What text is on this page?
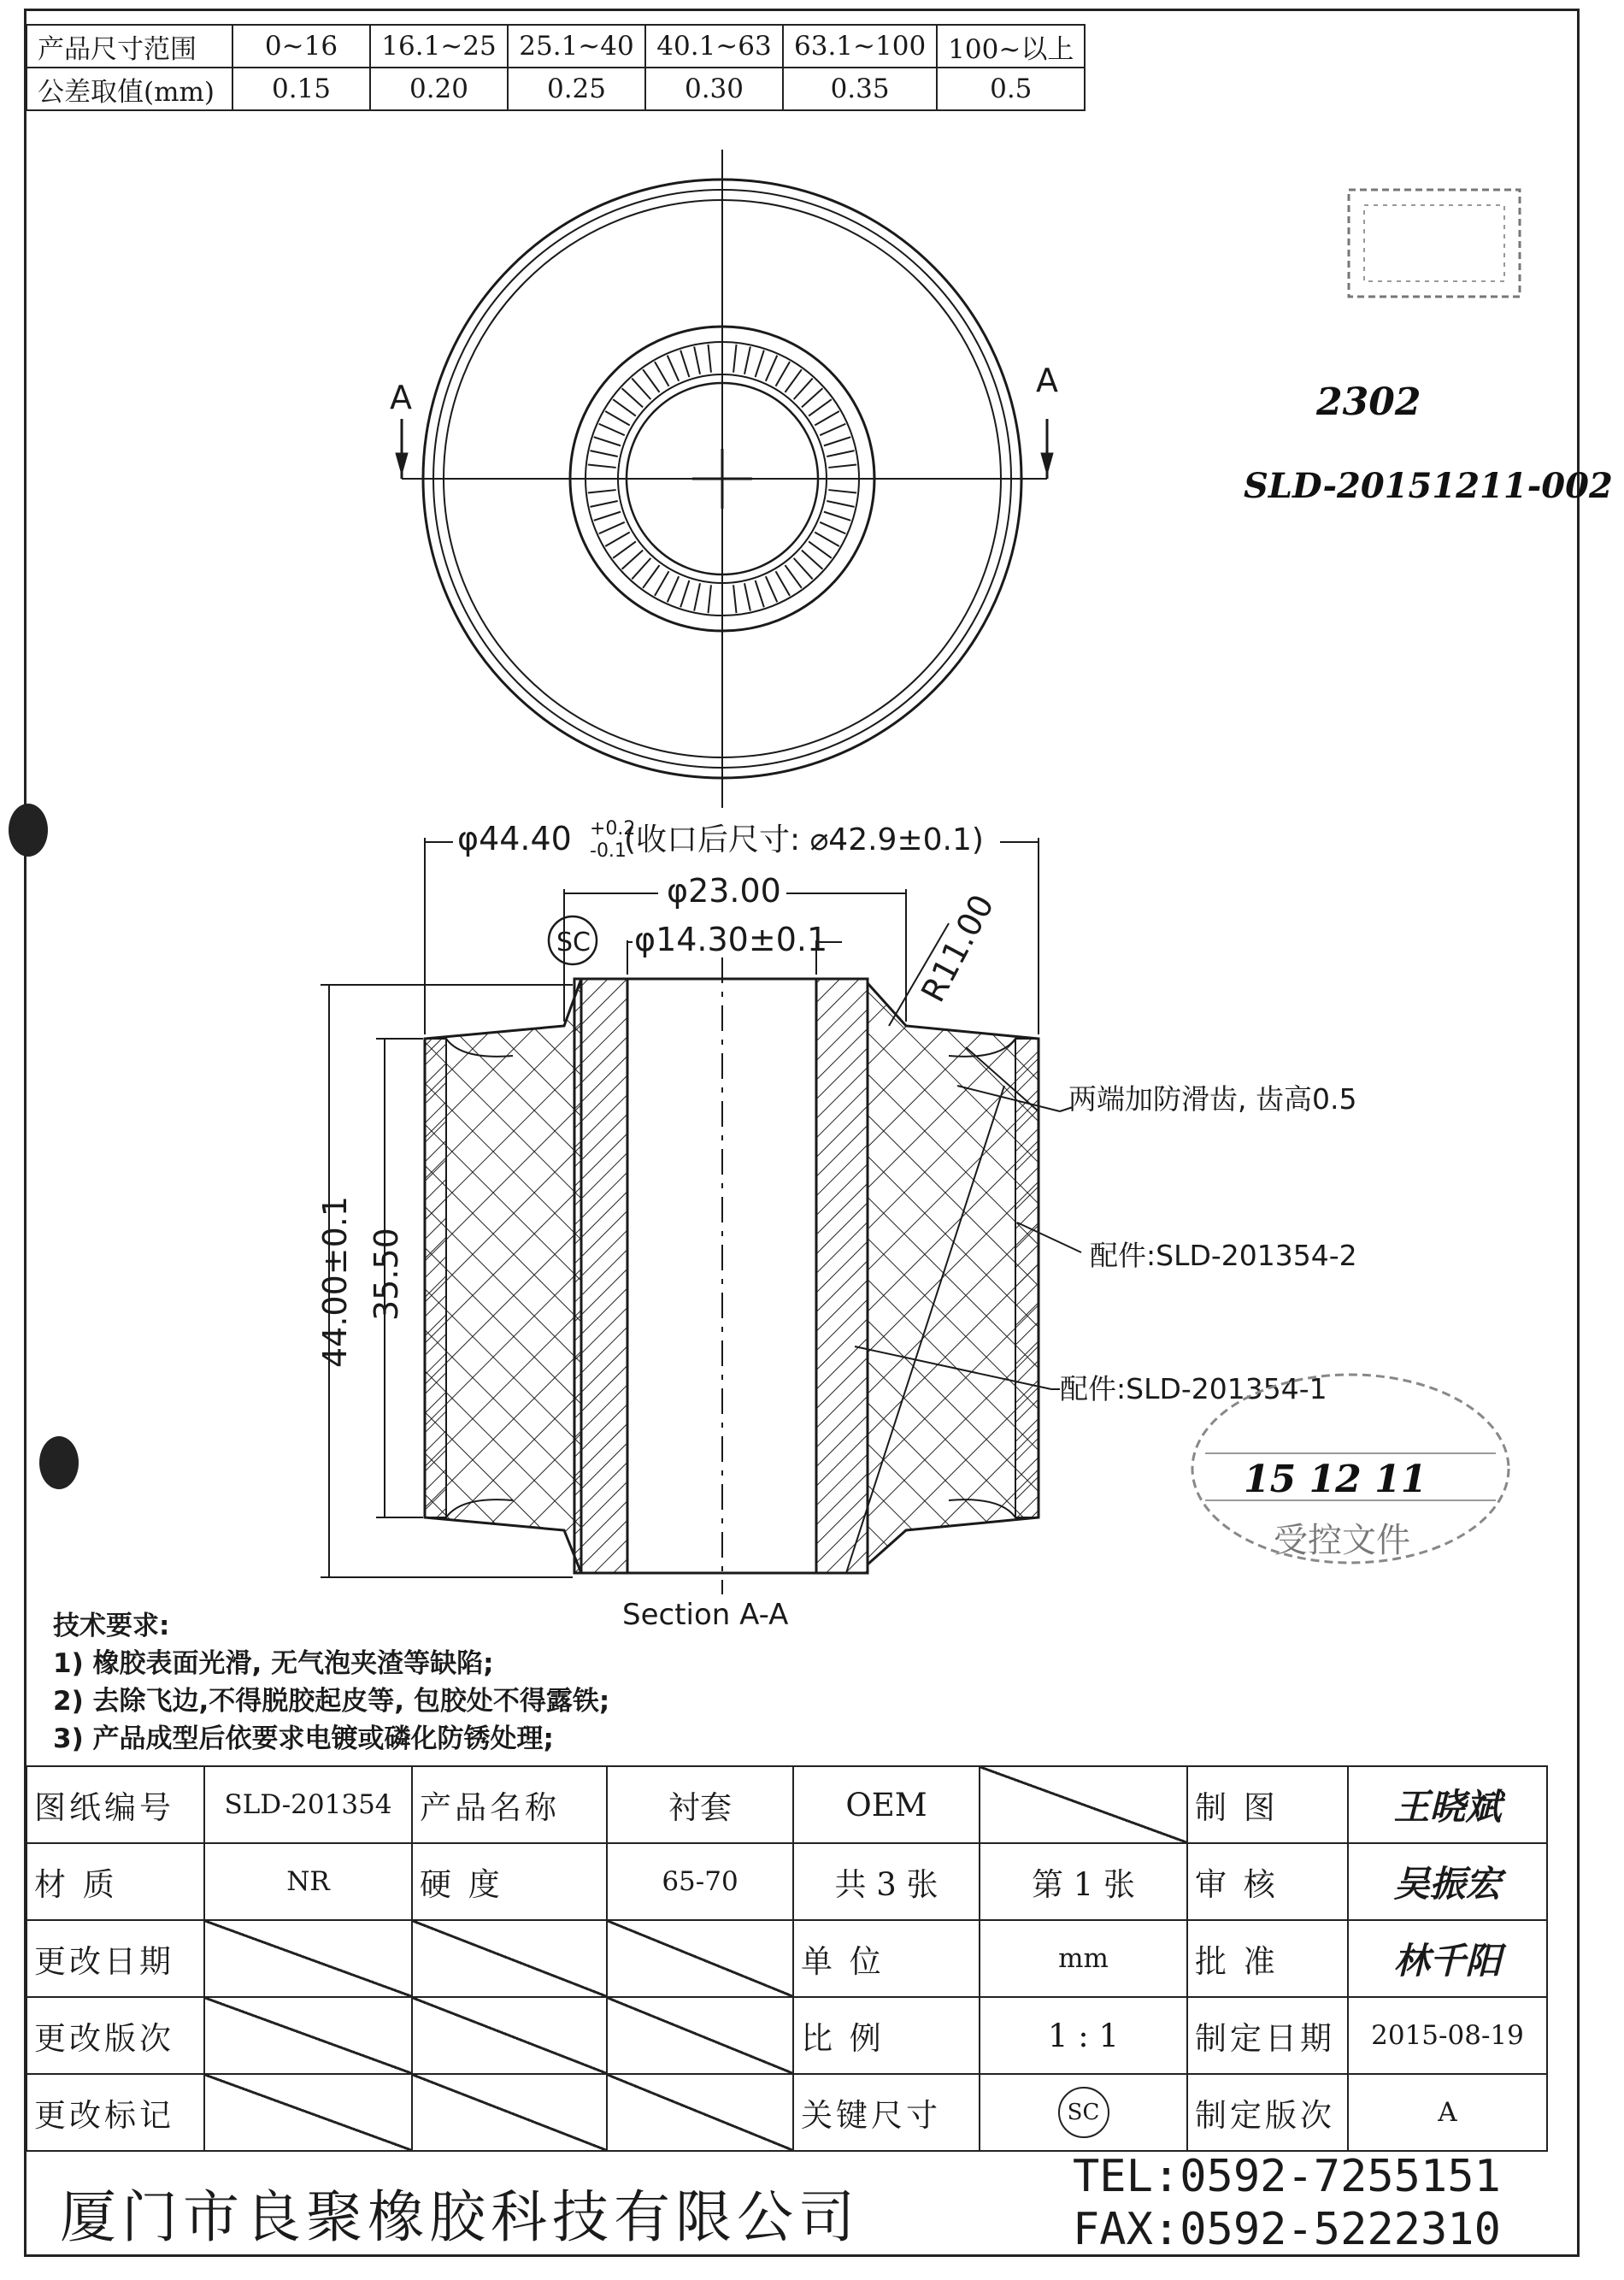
产品尺寸范围	0~16	16.1~25	25.1~40	40.1~63	63.1~100	100~以上
公差取值(mm)	0.15	0.20	0.25	0.30	0.35	0.5
2302
SLD-20151211-002
A	A
φ44.40 +0.2
-0.1
(收口后尺寸: ⌀42.9±0.1)
φ23.00
SC φ14.30±0.1	R11.00
44.00±0.1 35.50
两端加防滑齿, 齿高0.5
配件:SLD-201354-2
配件:SLD-201354-1
Section A-A
15 12 11
受控文件
技术要求:
1) 橡胶表面光滑, 无气泡夹渣等缺陷;
2) 去除飞边,不得脱胶起皮等, 包胶处不得露铁;
3) 产品成型后依要求电镀或磷化防锈处理;
图纸编号	SLD-201354	产品名称	衬套	OEM		制 图	王晓斌
材 质	NR	硬 度	65-70	共 3 张	第 1 张	审 核	吴振宏
更改日期				单 位	mm	批 准	林千阳
更改版次				比 例	1 : 1	制定日期	2015-08-19
更改标记				关键尺寸	SC	制定版次	A
厦门市良聚橡胶科技有限公司
TEL:0592-7255151
FAX:0592-5222310
